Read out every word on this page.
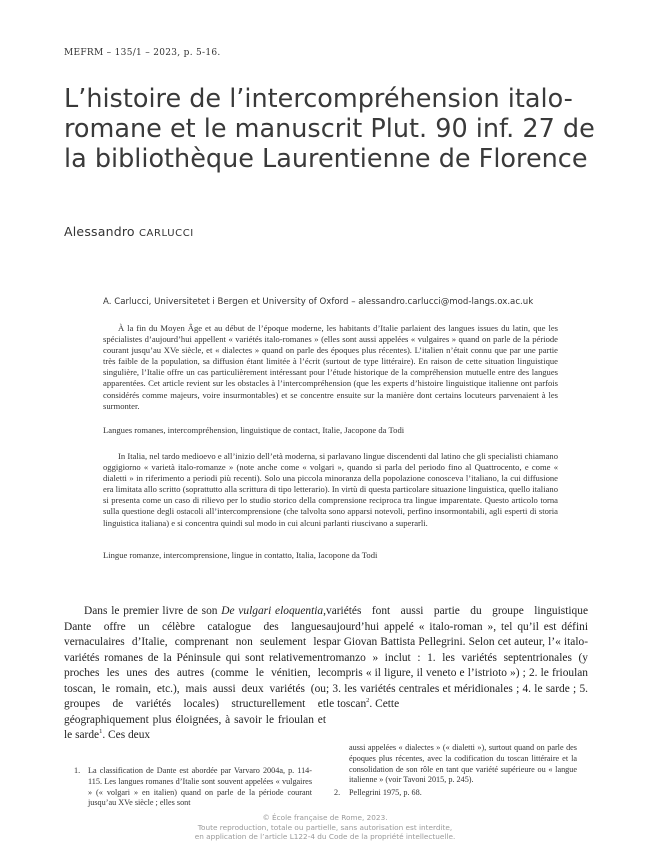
MEFRM – 135/1 – 2023, p. 5-16.
L’histoire de l’intercompréhension italo-romane et le manuscrit Plut. 90 inf. 27 de la bibliothèque Laurentienne de Florence
Alessandro CARLUCCI
A. Carlucci, Universitetet i Bergen et University of Oxford – alessandro.carlucci@mod-langs.ox.ac.uk

À la fin du Moyen Âge et au début de l’époque moderne, les habitants d’Italie parlaient des langues issues du latin, que les spécialistes d’aujourd’hui appellent « variétés italo-romanes » (elles sont aussi appelées « vulgaires » quand on parle de la période courant jusqu’au XVe siècle, et « dialectes » quand on parle des époques plus récentes). L’italien n’était connu que par une partie très faible de la population, sa diffusion étant limitée à l’écrit (surtout de type littéraire). En raison de cette situation linguistique singulière, l’Italie offre un cas particulièrement intéressant pour l’étude historique de la compréhension mutuelle entre des langues apparentées. Cet article revient sur les obstacles à l’intercompréhension (que les experts d’histoire linguistique italienne ont parfois considérés comme majeurs, voire insurmontables) et se concentre ensuite sur la manière dont certains locuteurs parvenaient à les surmonter.

Langues romanes, intercompréhension, linguistique de contact, Italie, Jacopone da Todi

In Italia, nel tardo medioevo e all’inizio dell’età moderna, si parlavano lingue discendenti dal latino che gli specialisti chiamano oggigiorno « varietà italo-romanze » (note anche come « volgari », quando si parla del periodo fino al Quattrocento, e come « dialetti » in riferimento a periodi più recenti). Solo una piccola minoranza della popolazione conosceva l’italiano, la cui diffusione era limitata allo scritto (soprattutto alla scrittura di tipo letterario). In virtù di questa particolare situazione linguistica, quello italiano si presenta come un caso di rilievo per lo studio storico della comprensione reciproca tra lingue imparentate. Questo articolo torna sulla questione degli ostacoli all’intercomprensione (che talvolta sono apparsi notevoli, perfino insormontabili, agli esperti di storia linguistica italiana) e si concentra quindi sul modo in cui alcuni parlanti riuscivano a superarli.

Lingue romanze, intercomprensione, lingue in contatto, Italia, Iacopone da Todi

Dans le premier livre de son De vulgari eloquentia, Dante offre un célèbre catalogue des langues vernaculaires d’Italie, comprenant non seulement les variétés romanes de la Péninsule qui sont relativement proches les unes des autres (comme le vénitien, le toscan, le romain, etc.), mais aussi deux variétés (ou groupes de variétés locales) structurellement et géographiquement plus éloignées, à savoir le frioulan et le sarde$^1$. Ces deux

variétés font aussi partie du groupe linguistique aujourd’hui appelé « italo-roman », tel qu’il est défini par Giovan Battista Pellegrini. Selon cet auteur, l’« italo-romanzo » inclut : 1. les variétés septentrionales (y compris « il ligure, il veneto e l’istrioto ») ; 2. le frioulan ; 3. les variétés centrales et méridionales ; 4. le sarde ; 5. le toscan$^2$. Cette

1. La classification de Dante est abordée par Varvaro 2004a, p. 114-115. Les langues romanes d’Italie sont souvent appelées « vulgaires » (« volgari » en italien) quand on parle de la période courant jusqu’au XVe siècle ; elles sont
aussi appelées « dialectes » (« dialetti »), surtout quand on parle des époques plus récentes, avec la codification du toscan littéraire et la consolidation de son rôle en tant que variété supérieure ou « langue italienne » (voir Tavoni 2015, p. 245).
2. Pellegrini 1975, p. 68.
© École française de Rome, 2023.
Toute reproduction, totale ou partielle, sans autorisation est interdite,
en application de l’article L122-4 du Code de la propriété intellectuelle.
